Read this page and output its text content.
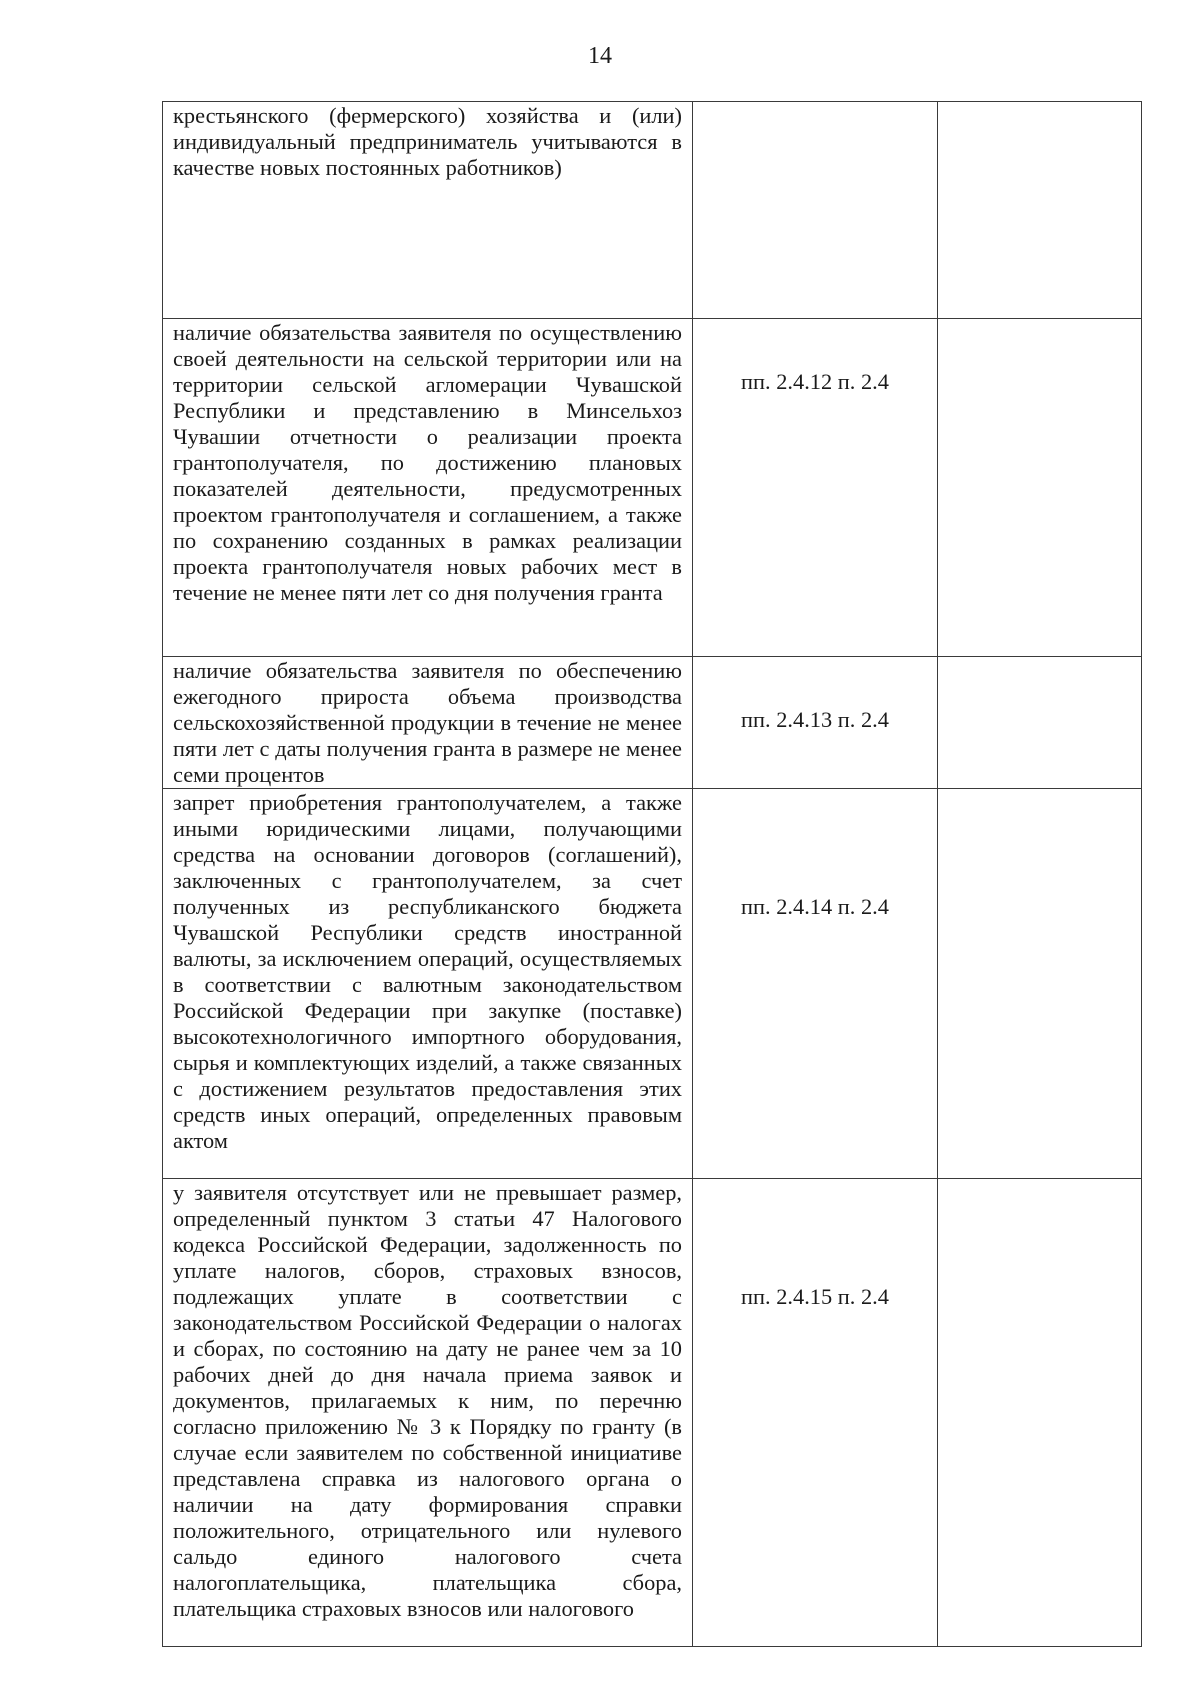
14
крестьянского (фермерского) хозяйства и (или) индивидуальный предприниматель учитываются в качестве новых постоянных работников)		

наличие обязательства заявителя по осуществлению своей деятельности на сельской территории или на территории сельской агломерации Чувашской Республики и представлению в Минсельхоз Чувашии отчетности о реализации проекта грантополучателя, по достижению плановых показателей деятельности, предусмотренных проектом грантополучателя и соглашением, а также по сохранению созданных в рамках реализации проекта грантополучателя новых рабочих мест в течение не менее пяти лет со дня получения гранта	пп. 2.4.12 п. 2.4	

наличие обязательства заявителя по обеспечению ежегодного прироста объема производства сельскохозяйственной продукции в течение не менее пяти лет с даты получения гранта в размере не менее семи процентов	пп. 2.4.13 п. 2.4	

запрет приобретения грантополучателем, а также иными юридическими лицами, получающими средства на основании договоров (соглашений), заключенных с грантополучателем, за счет полученных из республиканского бюджета Чувашской Республики средств иностранной валюты, за исключением операций, осуществляемых в соответствии с валютным законодательством Российской Федерации при закупке (поставке) высокотехнологичного импортного оборудования, сырья и комплектующих изделий, а также связанных с достижением результатов предоставления этих средств иных операций, определенных правовым актом	пп. 2.4.14 п. 2.4	

у заявителя отсутствует или не превышает размер, определенный пунктом 3 статьи 47 Налогового кодекса Российской Федерации, задолженность по уплате налогов, сборов, страховых взносов, подлежащих уплате в соответствии с законодательством Российской Федерации о налогах и сборах, по состоянию на дату не ранее чем за 10 рабочих дней до дня начала приема заявок и документов, прилагаемых к ним, по перечню согласно приложению № 3 к Порядку по гранту (в случае если заявителем по собственной инициативе представлена справка из налогового органа о наличии на дату формирования справки положительного, отрицательного или нулевого сальдо единого налогового счета налогоплательщика, плательщика сбора, плательщика страховых взносов или налогового	пп. 2.4.15 п. 2.4	
